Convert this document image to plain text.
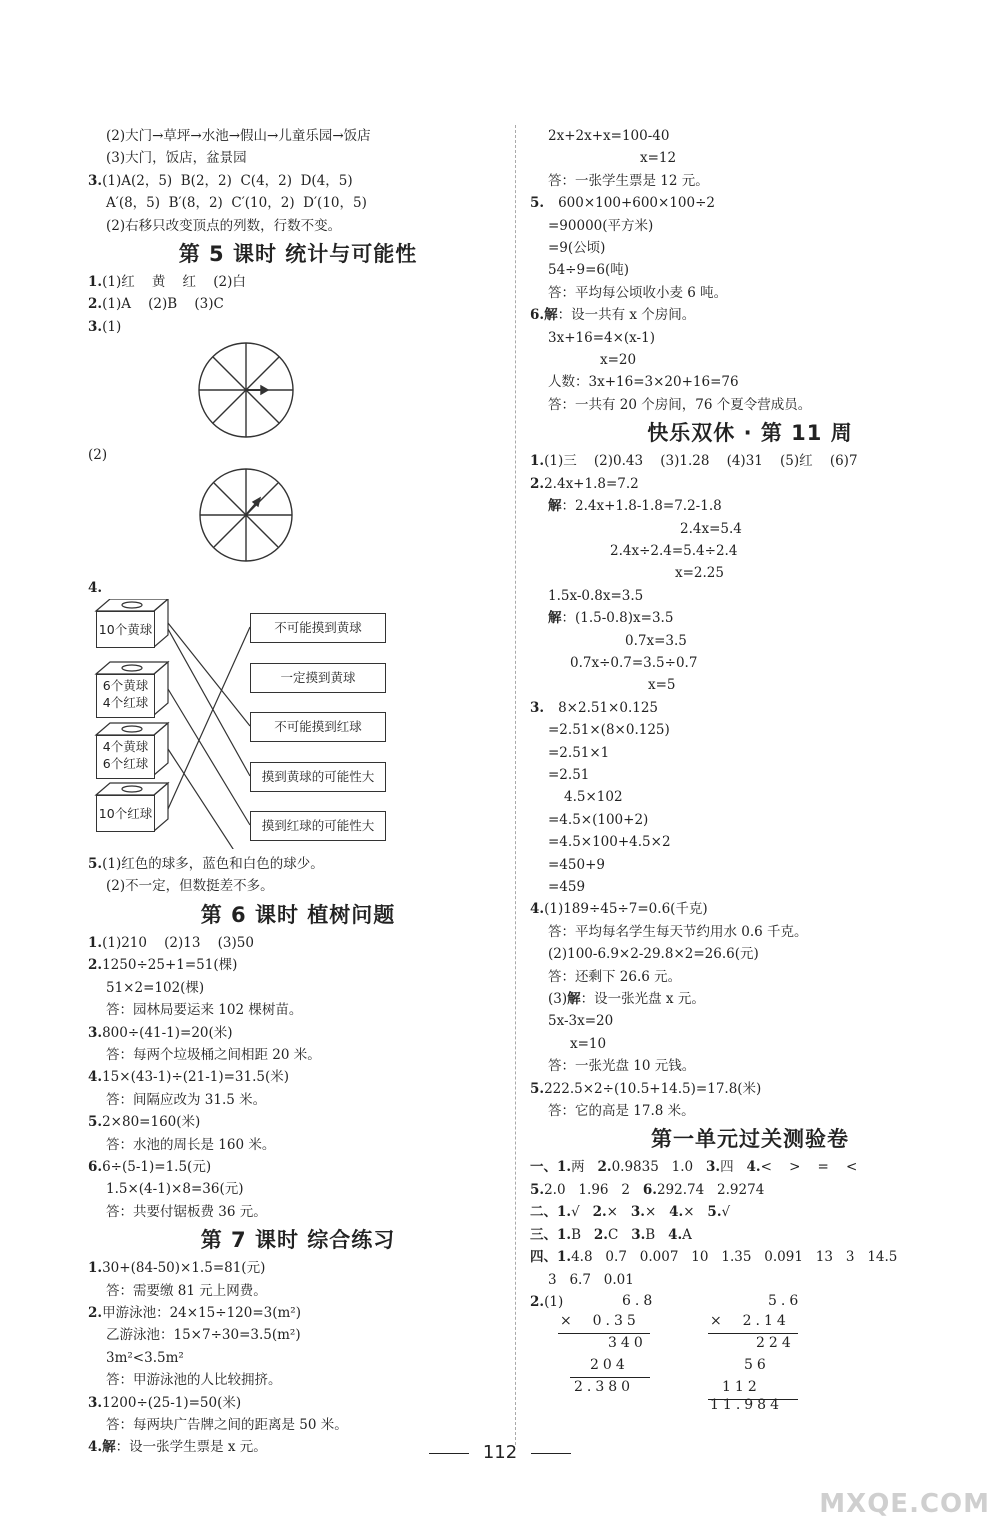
(2)大门→草坪→水池→假山→儿童乐园→饭店
(3)大门，饭店，盆景园
3.(1)A(2，5)  B(2，2)  C(4，2)  D(4，5)
A′(8，5)  B′(8，2)  C′(10，2)  D′(10，5)
(2)右移只改变顶点的列数，行数不变。
第 5 课时 统计与可能性
1.(1)红    黄    红    (2)白
2.(1)A    (2)B    (3)C
3.(1)
(2)
4.
10个黄球
6个黄球
4个红球
4个黄球
6个红球
10个红球
不可能摸到黄球
一定摸到黄球
不可能摸到红球
摸到黄球的可能性大
摸到红球的可能性大
5.(1)红色的球多，蓝色和白色的球少。
(2)不一定，但数挺差不多。
第 6 课时 植树问题
1.(1)210    (2)13    (3)50
2.1250÷25+1=51(棵)
51×2=102(棵)
答：园林局要运来 102 棵树苗。
3.800÷(41-1)=20(米)
答：每两个垃圾桶之间相距 20 米。
4.15×(43-1)÷(21-1)=31.5(米)
答：间隔应改为 31.5 米。
5.2×80=160(米)
答：水池的周长是 160 米。
6.6÷(5-1)=1.5(元)
1.5×(4-1)×8=36(元)
答：共要付锯板费 36 元。
第 7 课时 综合练习
1.30+(84-50)×1.5=81(元)
答：需要缴 81 元上网费。
2.甲游泳池：24×15÷120=3(m²)
乙游泳池：15×7÷30=3.5(m²)
3m²<3.5m²
答：甲游泳池的人比较拥挤。
3.1200÷(25-1)=50(米)
答：每两块广告牌之间的距离是 50 米。
4.解：设一张学生票是 x 元。
2x+2x+x=100-40
x=12
答：一张学生票是 12 元。
5. 600×100+600×100÷2
=90000(平方米)
=9(公顷)
54÷9=6(吨)
答：平均每公顷收小麦 6 吨。
6.解：设一共有 x 个房间。
3x+16=4×(x-1)
x=20
人数：3x+16=3×20+16=76
答：一共有 20 个房间，76 个夏令营成员。
快乐双休 · 第 11 周
1.(1)三    (2)0.43    (3)1.28    (4)31    (5)红    (6)7
2.2.4x+1.8=7.2
解：2.4x+1.8-1.8=7.2-1.8
2.4x=5.4
2.4x÷2.4=5.4÷2.4
x=2.25
1.5x-0.8x=3.5
解：(1.5-0.8)x=3.5
0.7x=3.5
0.7x÷0.7=3.5÷0.7
x=5
3. 8×2.51×0.125
=2.51×(8×0.125)
=2.51×1
=2.51
4.5×102
=4.5×(100+2)
=4.5×100+4.5×2
=450+9
=459
4.(1)189÷45÷7=0.6(千克)
答：平均每名学生每天节约用水 0.6 千克。
(2)100-6.9×2-29.8×2=26.6(元)
答：还剩下 26.6 元。
(3)解：设一张光盘 x 元。
5x-3x=20
x=10
答：一张光盘 10 元钱。
5.222.5×2÷(10.5+14.5)=17.8(米)
答：它的高是 17.8 米。
第一单元过关测验卷
一、1.两   2.0.9835   1.0   3.四   4.<    >    =    <
5.2.0   1.96   2   6.292.74   2.9274
二、1.√   2.×   3.×   4.×   5.√
三、1.B   2.C   3.B   4.A
四、1.4.8   0.7   0.007   10   1.35   0.091   13   3   14.5
3   6.7   0.01
2.(1)	6.8
×  0.35
340
204
2.380
5.6
×  2.14
224
56
112
11.984
112
MXQE.COM
